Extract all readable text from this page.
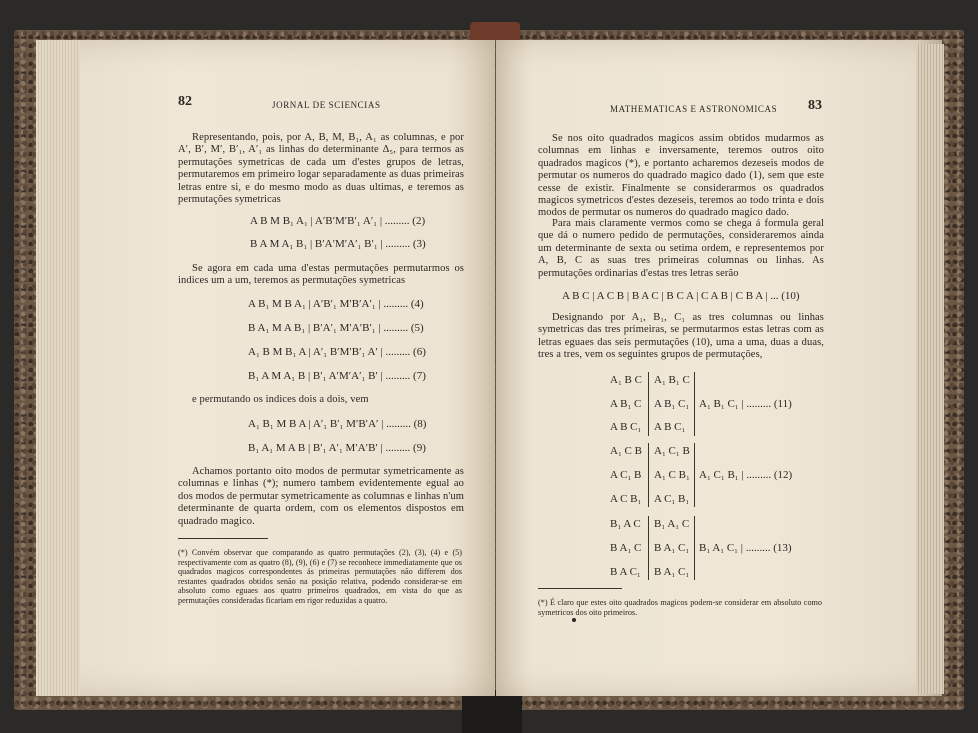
82	JORNAL DE SCIENCIAS

Representando, pois, por A, B, M, B₁, A₁ as columnas, e por A′, B′, M′, B′₁, A′₁ as linhas do determinante Δ₅, para termos as permutações symetricas de cada um d'estes grupos de letras, permutaremos em primeiro logar separadamente as duas primeiras letras entre si, e do mesmo modo as duas ultimas, e teremos as permutações symetricas

A B M B₁ A₁ | A′B′M′B′₁ A′₁ | ......... (2)
B A M A₁ B₁ | B′A′M′A′₁ B′₁ | ......... (3)

Se agora em cada uma d'estas permutações permutarmos os indices um a um, teremos as permutações symetricas

A B₁ M B A₁ | A′B′₁ M′B′A′₁ | ......... (4)
B A₁ M A B₁ | B′A′₁ M′A′B′₁ | ......... (5)
A₁ B M B₁ A | A′₁ B′M′B′₁ A′ | ......... (6)
B₁ A M A₁ B | B′₁ A′M′A′₁ B′ | ......... (7)

e permutando os indices dois a dois, vem

A₁ B₁ M B A | A′₁ B′₁ M′B′A′ | ......... (8)
B₁ A₁ M A B | B′₁ A′₁ M′A′B′ | ......... (9)

Achamos portanto oito modos de permutar symetricamente as columnas e linhas (*); numero tambem evidentemente egual ao dos modos de permutar symetricamente as columnas e linhas n'um determinante de quarta ordem, com os elementos dispostos em quadrado magico.

(*) Convém observar que comparando as quatro permutações (2), (3), (4) e (5) respectivamente com as quatro (8), (9), (6) e (7) se reconhece immediatamente que os quadrados magicos correspondentes ás primeiras permutações não differem dos restantes quadrados obtidos senão na posição relativa, podendo considerar-se em absoluto como eguaes aos quatro primeiros quadrados, em vista do que as permutações consideradas ficariam em rigor reduzidas a quatro.
MATHEMATICAS E ASTRONOMICAS 83

Se nos oito quadrados magicos assim obtidos mudarmos as columnas em linhas e inversamente, teremos outros oito quadrados magicos (*), e portanto acharemos dezeseis modos de permutar os numeros do quadrado magico dado (1), sem que este cesse de existir. Finalmente se considerarmos os quadrados magicos symetricos d'estes dezeseis, teremos ao todo trinta e dois modos de permutar os numeros do quadrado magico dado.

Para mais claramente vermos como se chega á formula geral que dá o numero pedido de permutações, consideraremos ainda um determinante de sexta ou setima ordem, e representemos por A, B, C as suas tres primeiras columnas ou linhas. As permutações ordinarias d'estas tres letras serão

A B C | A C B | B A C | B C A | C A B | C B A | ... (10)

Designando por A₁, B₁, C₁ as tres columnas ou linhas symetricas das tres primeiras, se permutarmos estas letras com as letras eguaes das seis permutações (10), uma a uma, duas a duas, tres a tres, vem os seguintes grupos de permutações,

A₁ B C
A B₁ C
A B C₁
A₁ B₁ C
A B₁ C₁
A B C₁
A₁ B₁ C₁ | ......... (11)
A₁ C B
A C₁ B
A C B₁
A₁ C₁ B
A₁ C B₁
A C₁ B₁
A₁ C₁ B₁ | ......... (12)
B₁ A C
B A₁ C
B A C₁
B₁ A₁ C
B A₁ C₁
B A₁ C₁
B₁ A₁ C₁ | ......... (13)
(*) É claro que estes oito quadrados magicos podem-se considerar em absoluto como symetricos dos oito primeiros.
